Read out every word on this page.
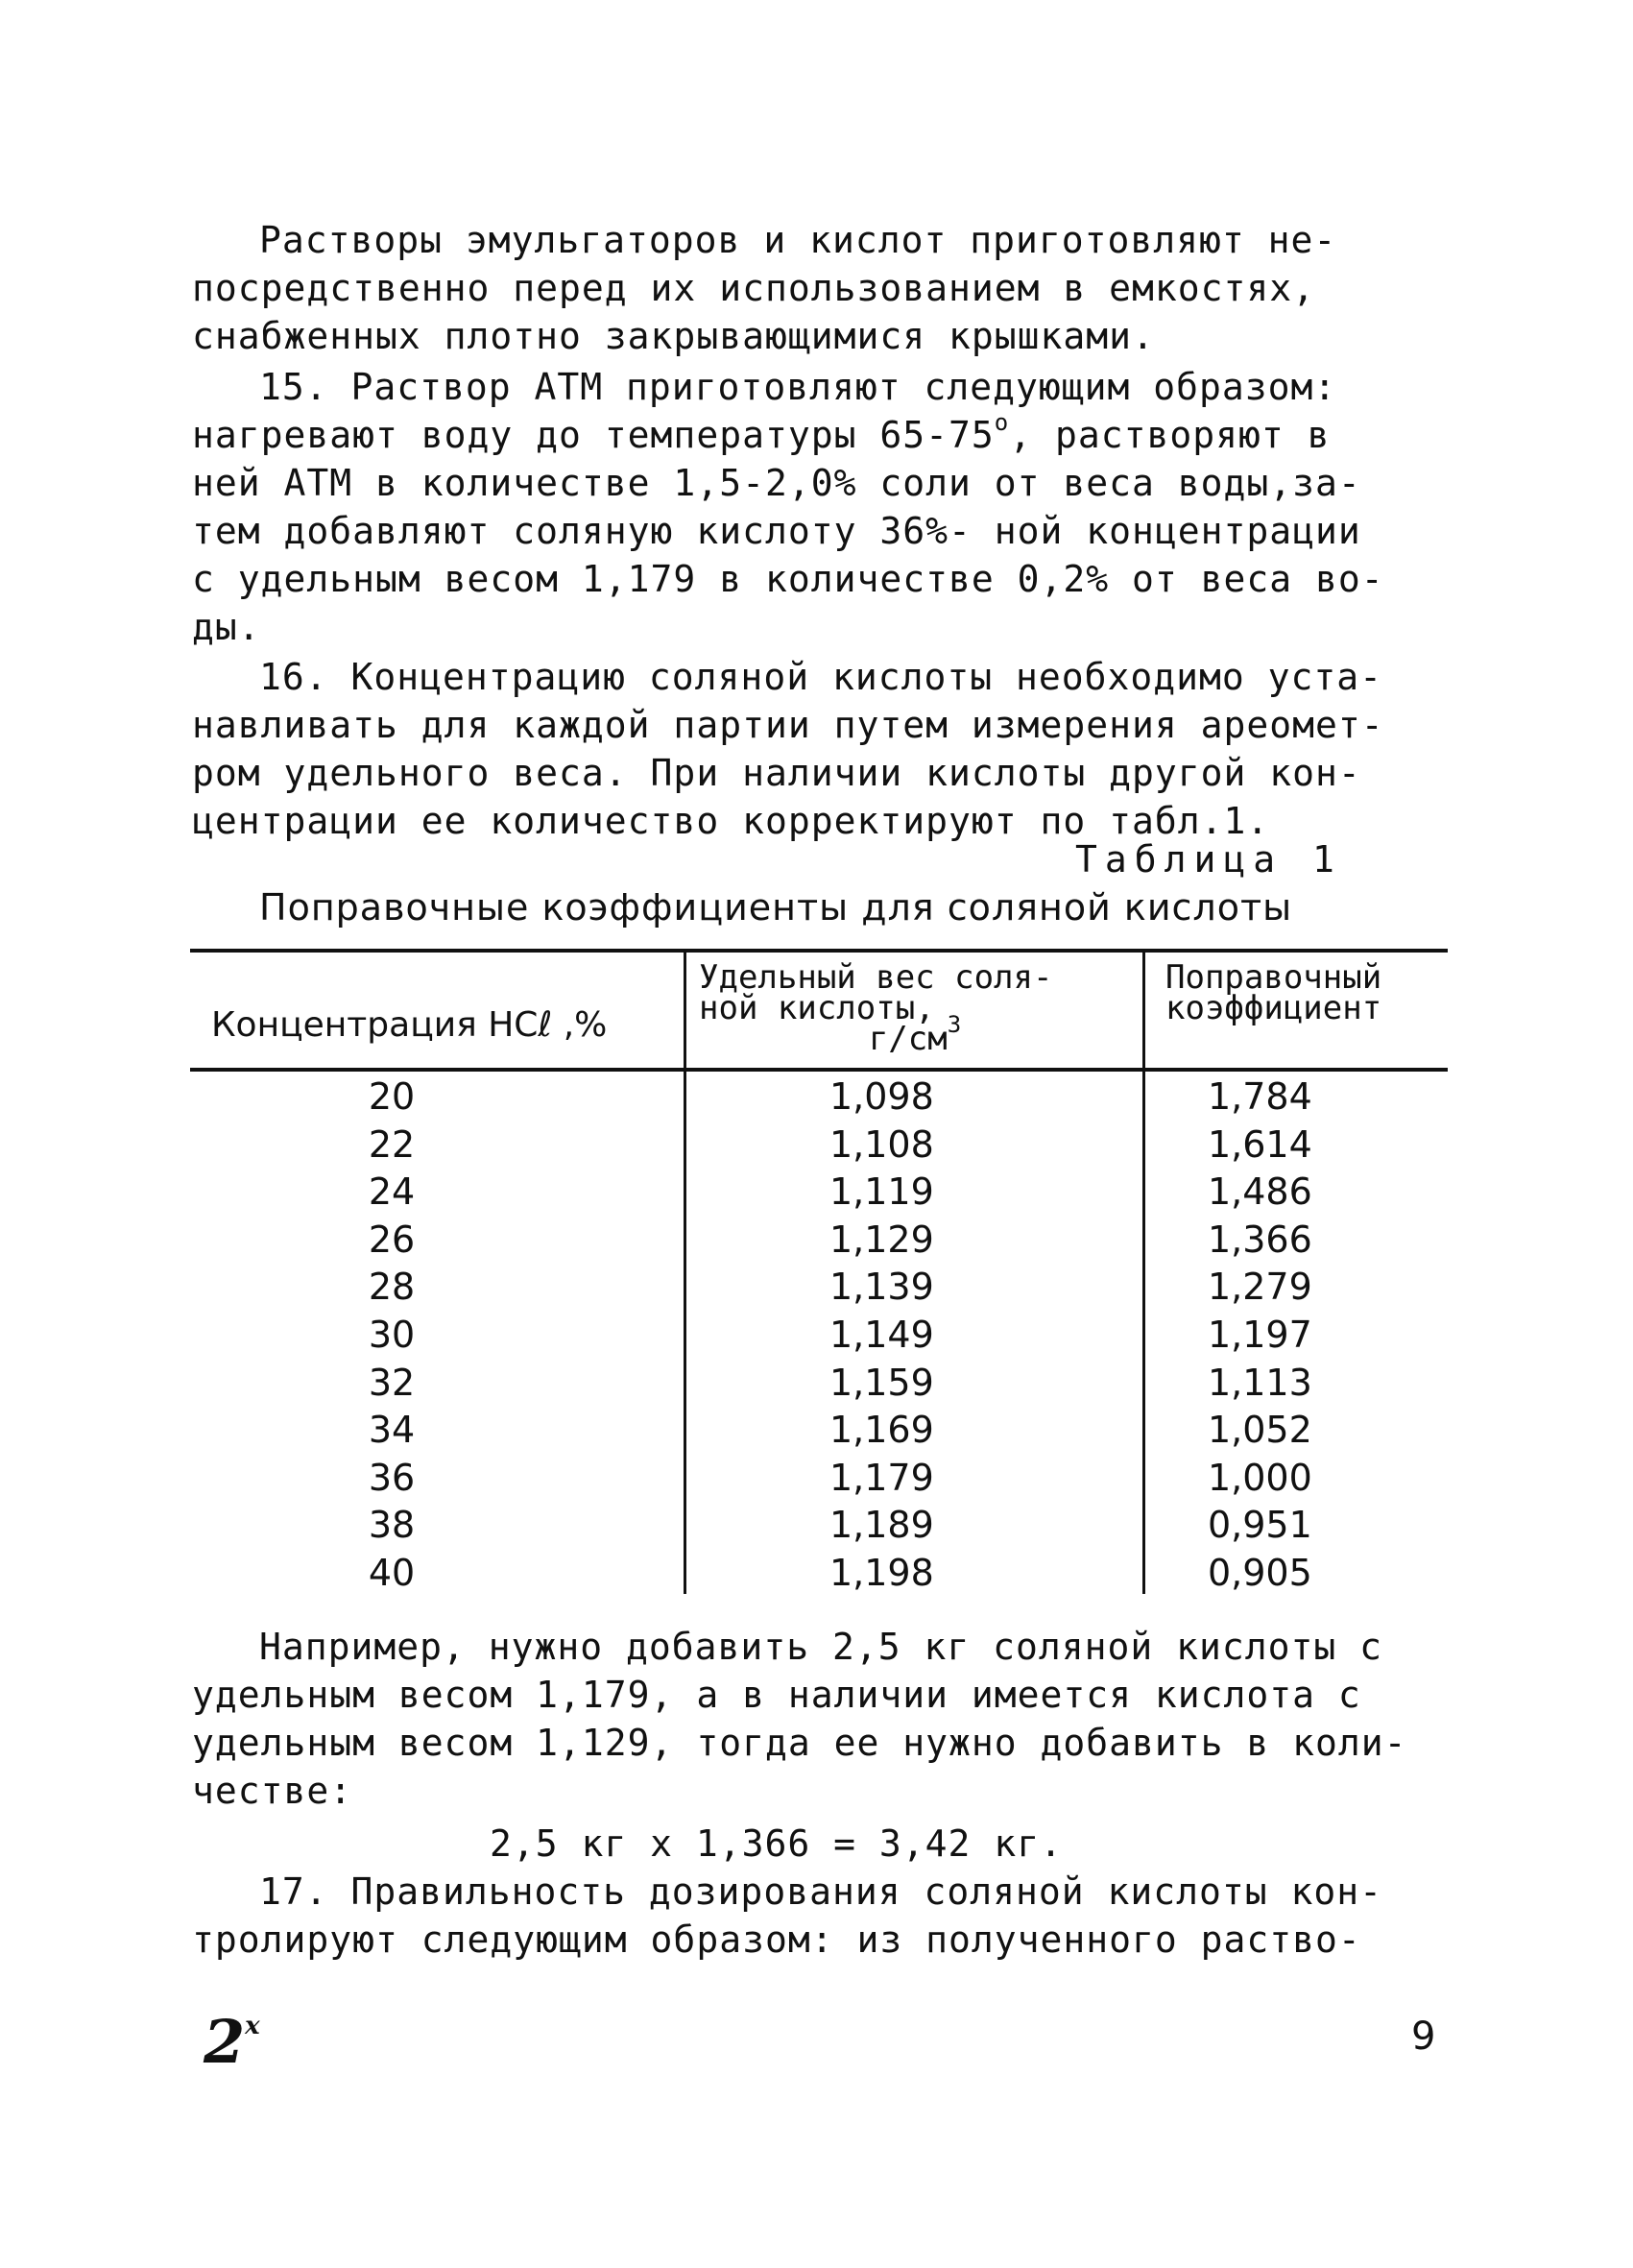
Растворы эмульгаторов и кислот приготовляют не-
посредственно перед их использованием в емкостях,
снабженных плотно закрывающимися крышками.
15. Раствор АТМ приготовляют следующим образом:
нагревают воду до температуры $65-75^о$, растворяют в
ней АТМ в количестве 1,5-2,0% соли от веса воды,за-
тем добавляют соляную кислоту 36%- ной концентрации
с удельным весом 1,179 в количестве 0,2% от веса во-
ды.
16. Концентрацию соляной кислоты необходимо уста-
навливать для каждой партии путем измерения ареомет-
ром удельного веса. При наличии кислоты другой кон-
центрации ее количество корректируют по табл.1.
Таблица 1
Поправочные коэффициенты для соляной кислоты
Концентрация НСℓ ,%
Удельный вес соля-
ной кислоты,
$г/см^3$
Поправочный
коэффициент
20
22
24
26
28
30
32
34
36
38
40
1,098
1,108
1,119
1,129
1,139
1,149
1,159
1,169
1,179
1,189
1,198
1,784
1,614
1,486
1,366
1,279
1,197
1,113
1,052
1,000
0,951
0,905
Например, нужно добавить 2,5 кг соляной кислоты с
удельным весом 1,179, а в наличии имеется кислота с
удельным весом 1,129, тогда ее нужно добавить в коли-
честве:
2,5 кг х 1,366 = 3,42 кг.
17. Правильность дозирования соляной кислоты кон-
тролируют следующим образом: из полученного раство-
$2^х$	9
